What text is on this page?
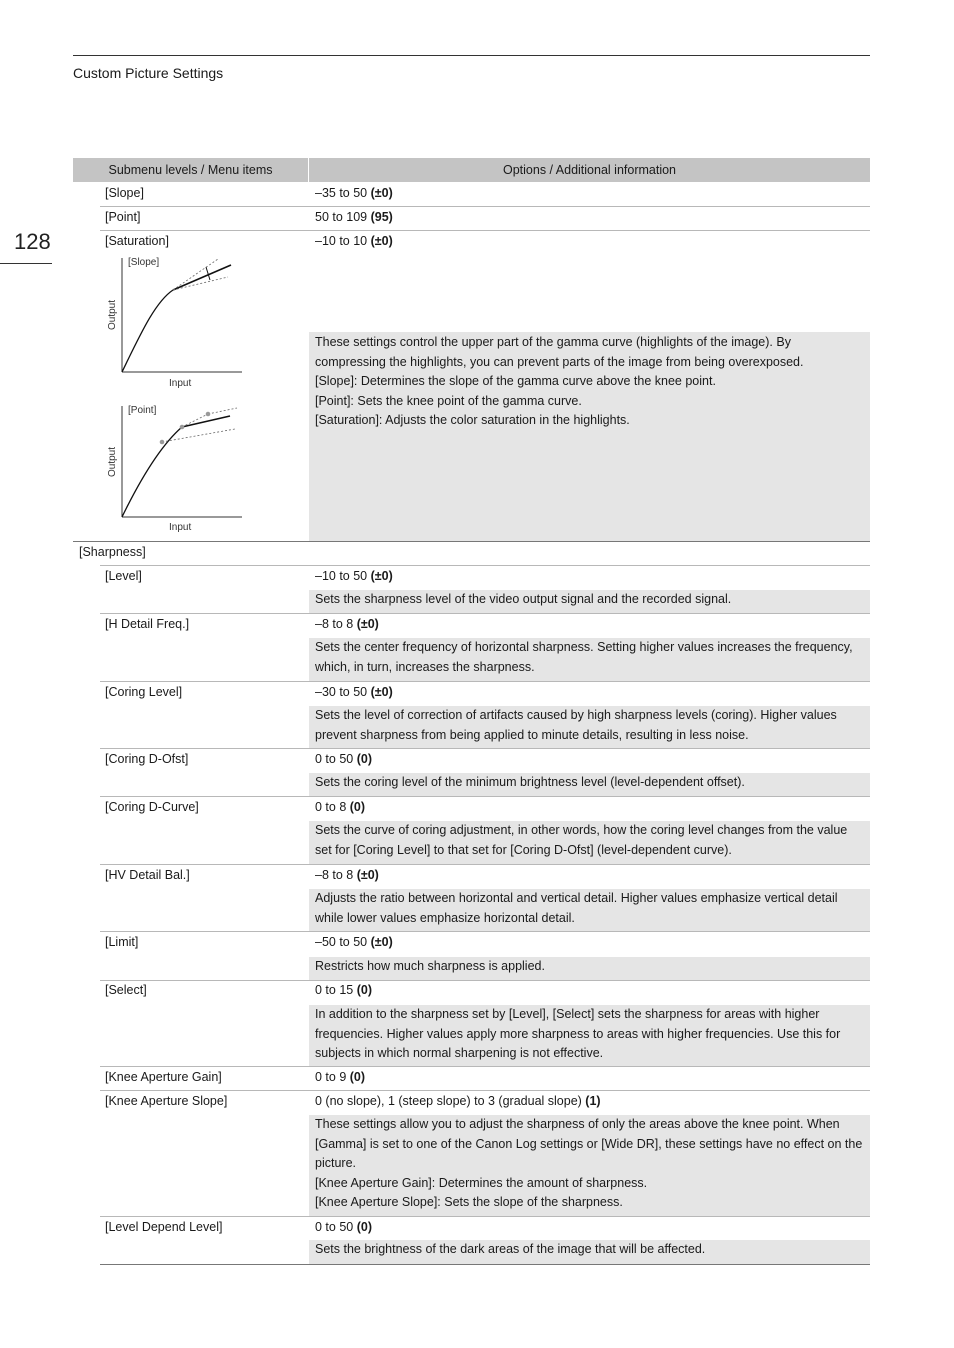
Custom Picture Settings
128
Submenu levels / Menu items	Options / Additional information
[Slope]	–35 to 50 (±0)
[Point]	50 to 109 (95)
[Saturation]	–10 to 10 (±0)
[Slope]
Output
Input

These settings control the upper part of the gamma curve (highlights of the image). By compressing the highlights, you can prevent parts of the image from being overexposed.

[Slope]: Determines the slope of the gamma curve above the knee point.

[Point]: Sets the knee point of the gamma curve.

[Saturation]: Adjusts the color saturation in the highlights.

[Point]
Output
Input
[Sharpness]
[Level]	–10 to 50 (±0)

Sets the sharpness level of the video output signal and the recorded signal.

[H Detail Freq.]	–8 to 8 (±0)

Sets the center frequency of horizontal sharpness. Setting higher values increases the frequency, which, in turn, increases the sharpness.

[Coring Level]	–30 to 50 (±0)

Sets the level of correction of artifacts caused by high sharpness levels (coring). Higher values prevent sharpness from being applied to minute details, resulting in less noise.

[Coring D-Ofst]	0 to 50 (0)

Sets the coring level of the minimum brightness level (level-dependent offset).

[Coring D-Curve]	0 to 8 (0)

Sets the curve of coring adjustment, in other words, how the coring level changes from the value set for [Coring Level] to that set for [Coring D-Ofst] (level-dependent curve).

[HV Detail Bal.]	–8 to 8 (±0)

Adjusts the ratio between horizontal and vertical detail. Higher values emphasize vertical detail while lower values emphasize horizontal detail.

[Limit]	–50 to 50 (±0)

Restricts how much sharpness is applied.

[Select]	0 to 15 (0)

In addition to the sharpness set by [Level], [Select] sets the sharpness for areas with higher frequencies. Higher values apply more sharpness to areas with higher frequencies. Use this for subjects in which normal sharpening is not effective.

[Knee Aperture Gain]	0 to 9 (0)
[Knee Aperture Slope]	0 (no slope), 1 (steep slope) to 3 (gradual slope) (1)

These settings allow you to adjust the sharpness of only the areas above the knee point. When [Gamma] is set to one of the Canon Log settings or [Wide DR], these settings have no effect on the picture.

[Knee Aperture Gain]: Determines the amount of sharpness.

[Knee Aperture Slope]: Sets the slope of the sharpness.

[Level Depend Level]	0 to 50 (0)

Sets the brightness of the dark areas of the image that will be affected.
